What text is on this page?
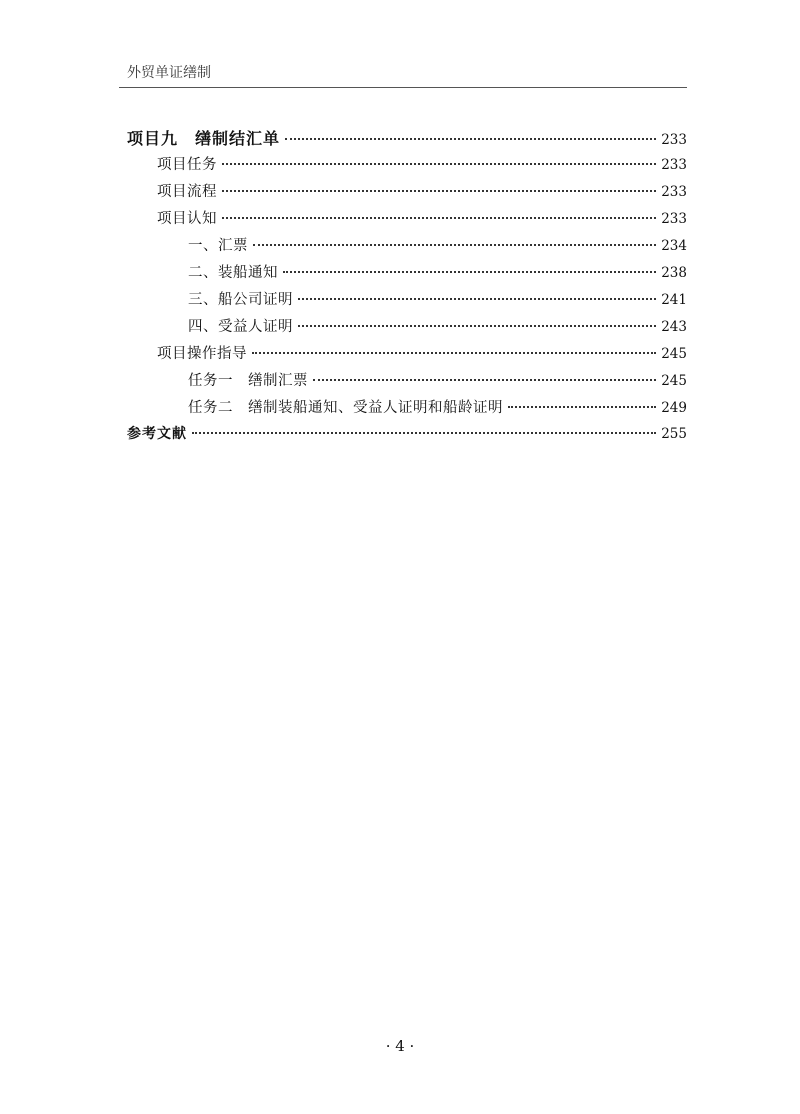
外贸单证缮制
项目九　缮制结汇单	233
项目任务	233
项目流程	233
项目认知	233
一、汇票	234
二、装船通知	238
三、船公司证明	241
四、受益人证明	243
项目操作指导	245
任务一　缮制汇票	245
任务二　缮制装船通知、受益人证明和船龄证明	249
参考文献	255
· 4 ·
